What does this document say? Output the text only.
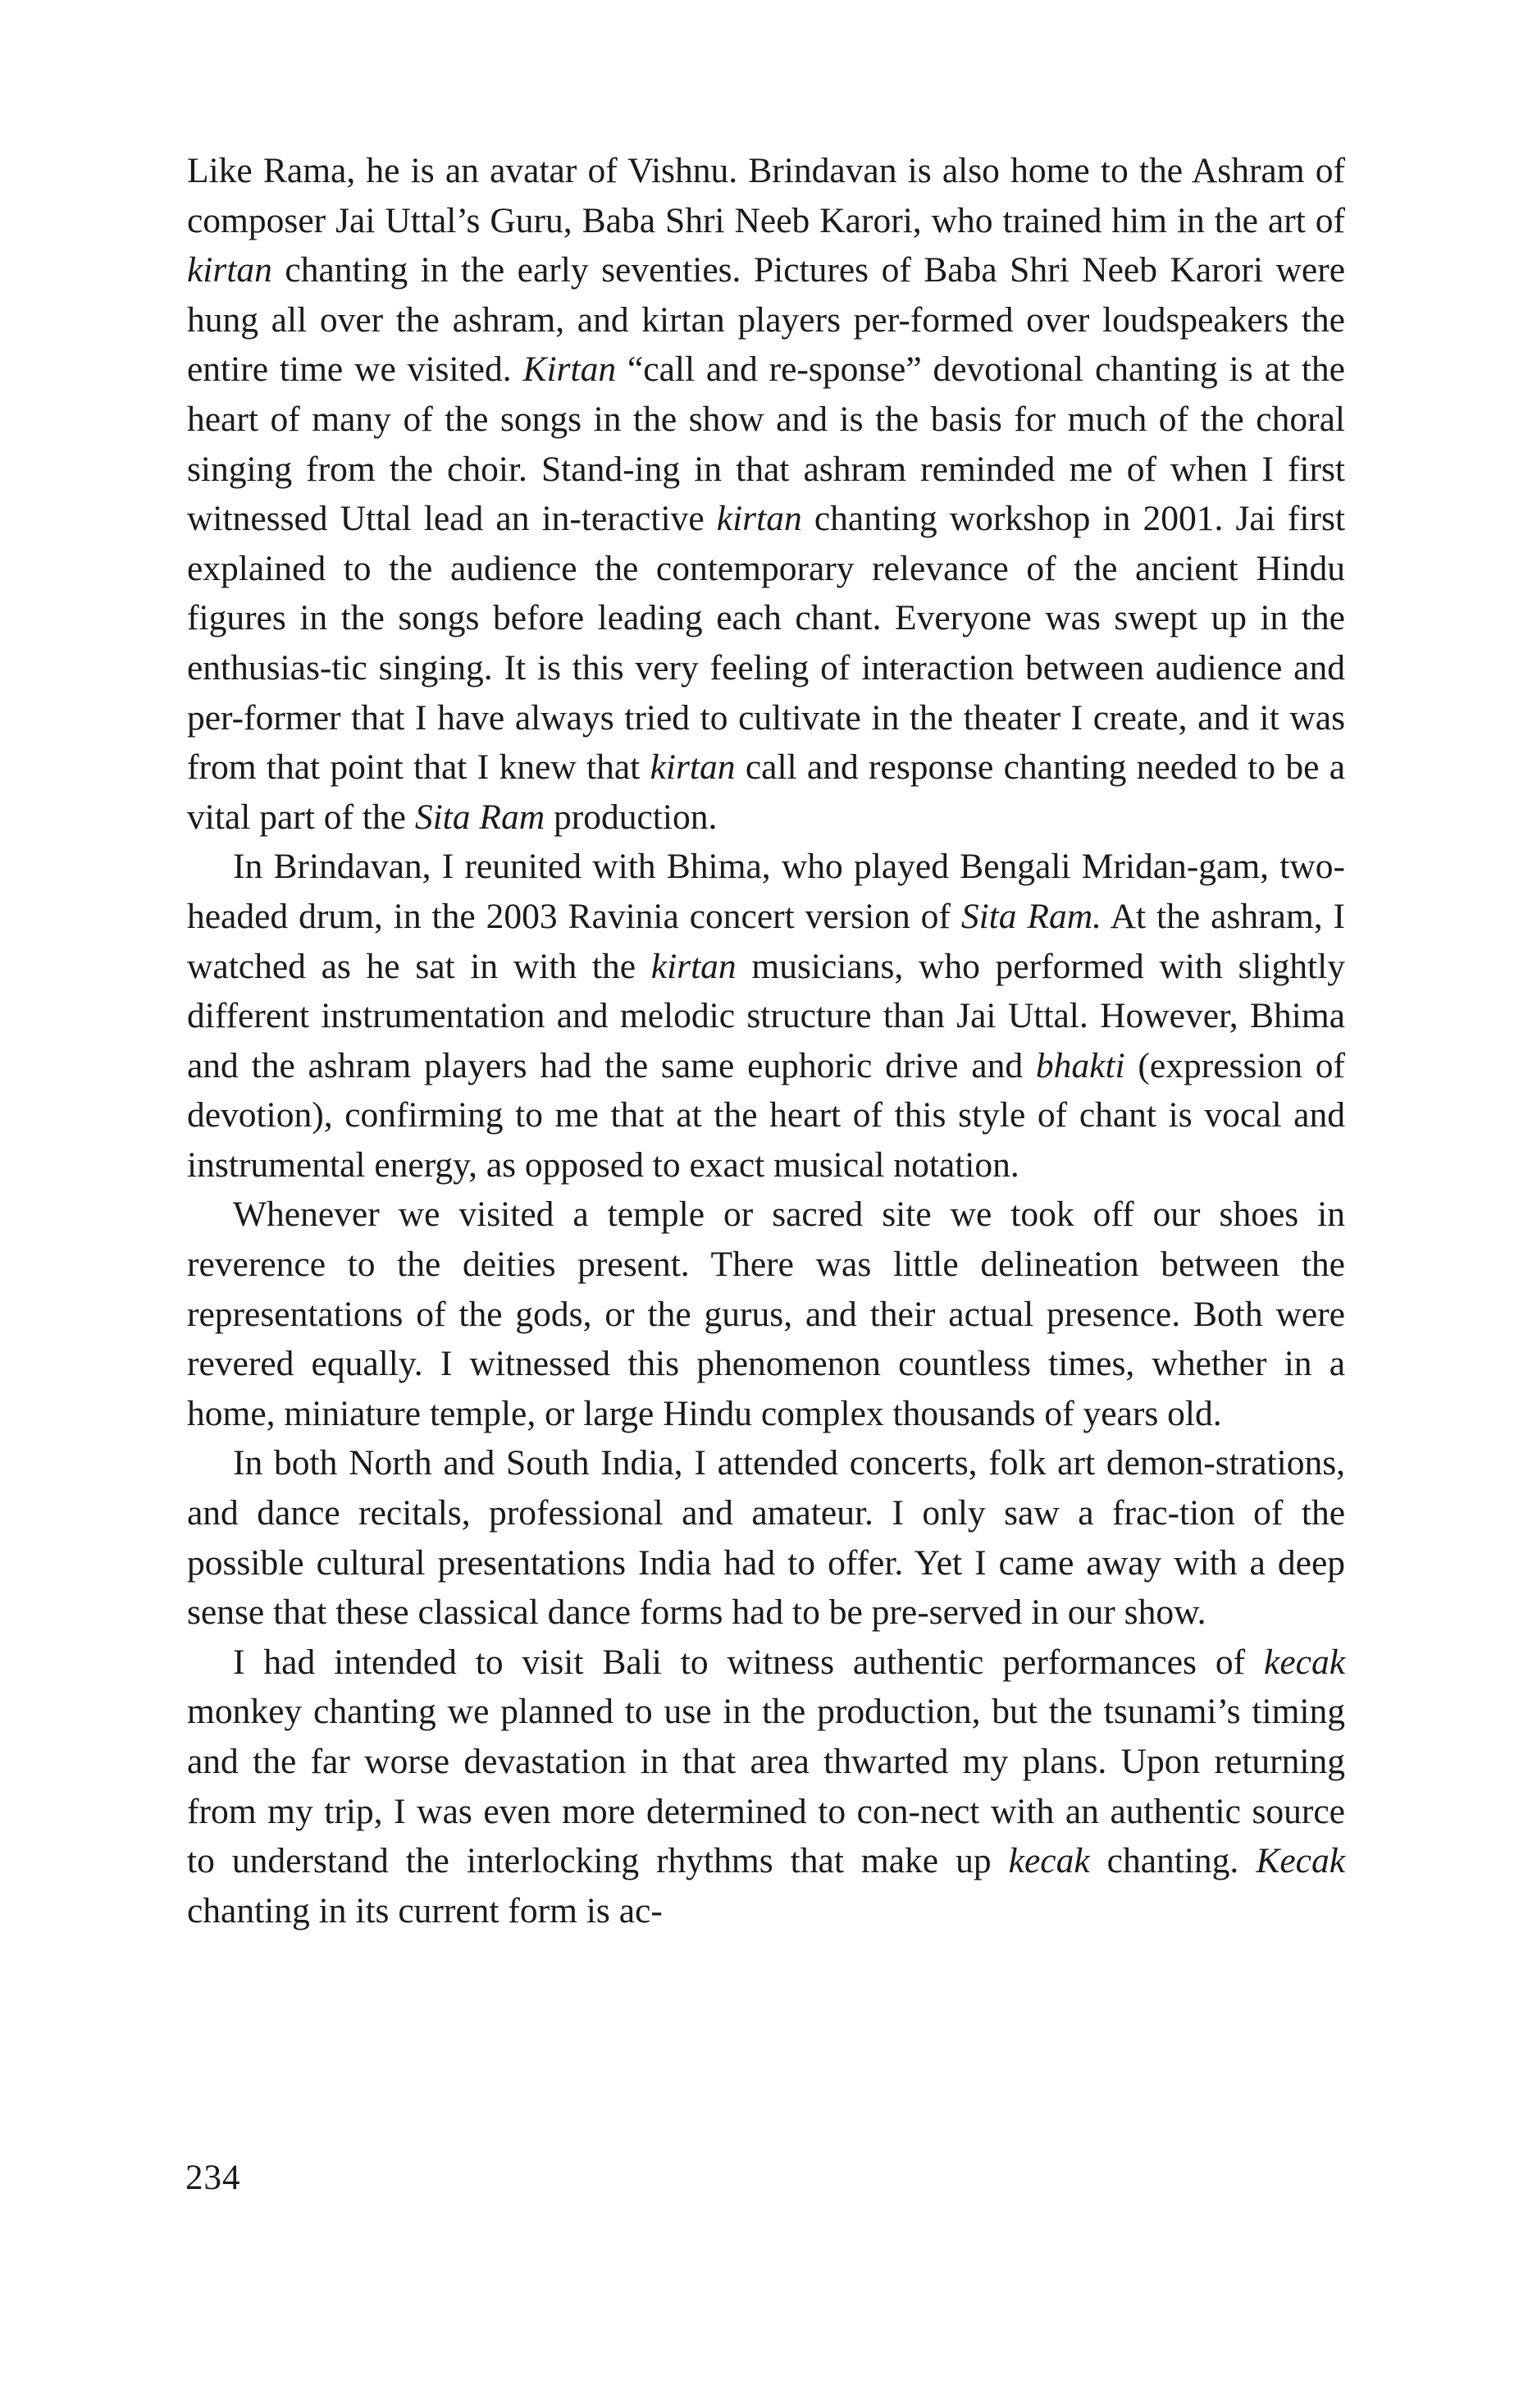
Like Rama, he is an avatar of Vishnu. Brindavan is also home to the Ashram of composer Jai Uttal’s Guru, Baba Shri Neeb Karori, who trained him in the art of kirtan chanting in the early seventies. Pictures of Baba Shri Neeb Karori were hung all over the ashram, and kirtan players per-formed over loudspeakers the entire time we visited. Kirtan “call and re-sponse” devotional chanting is at the heart of many of the songs in the show and is the basis for much of the choral singing from the choir. Stand-ing in that ashram reminded me of when I first witnessed Uttal lead an in-teractive kirtan chanting workshop in 2001. Jai first explained to the audience the contemporary relevance of the ancient Hindu figures in the songs before leading each chant. Everyone was swept up in the enthusias-tic singing. It is this very feeling of interaction between audience and per-former that I have always tried to cultivate in the theater I create, and it was from that point that I knew that kirtan call and response chanting needed to be a vital part of the Sita Ram production.

In Brindavan, I reunited with Bhima, who played Bengali Mridan-gam, two-headed drum, in the 2003 Ravinia concert version of Sita Ram. At the ashram, I watched as he sat in with the kirtan musicians, who performed with slightly different instrumentation and melodic structure than Jai Uttal. However, Bhima and the ashram players had the same euphoric drive and bhakti (expression of devotion), confirming to me that at the heart of this style of chant is vocal and instrumental energy, as opposed to exact musical notation.

Whenever we visited a temple or sacred site we took off our shoes in reverence to the deities present. There was little delineation between the representations of the gods, or the gurus, and their actual presence. Both were revered equally. I witnessed this phenomenon countless times, whether in a home, miniature temple, or large Hindu complex thousands of years old.

In both North and South India, I attended concerts, folk art demon-strations, and dance recitals, professional and amateur. I only saw a frac-tion of the possible cultural presentations India had to offer. Yet I came away with a deep sense that these classical dance forms had to be pre-served in our show.

I had intended to visit Bali to witness authentic performances of kecak monkey chanting we planned to use in the production, but the tsunami’s timing and the far worse devastation in that area thwarted my plans. Upon returning from my trip, I was even more determined to con-nect with an authentic source to understand the interlocking rhythms that make up kecak chanting. Kecak chanting in its current form is ac-

234
